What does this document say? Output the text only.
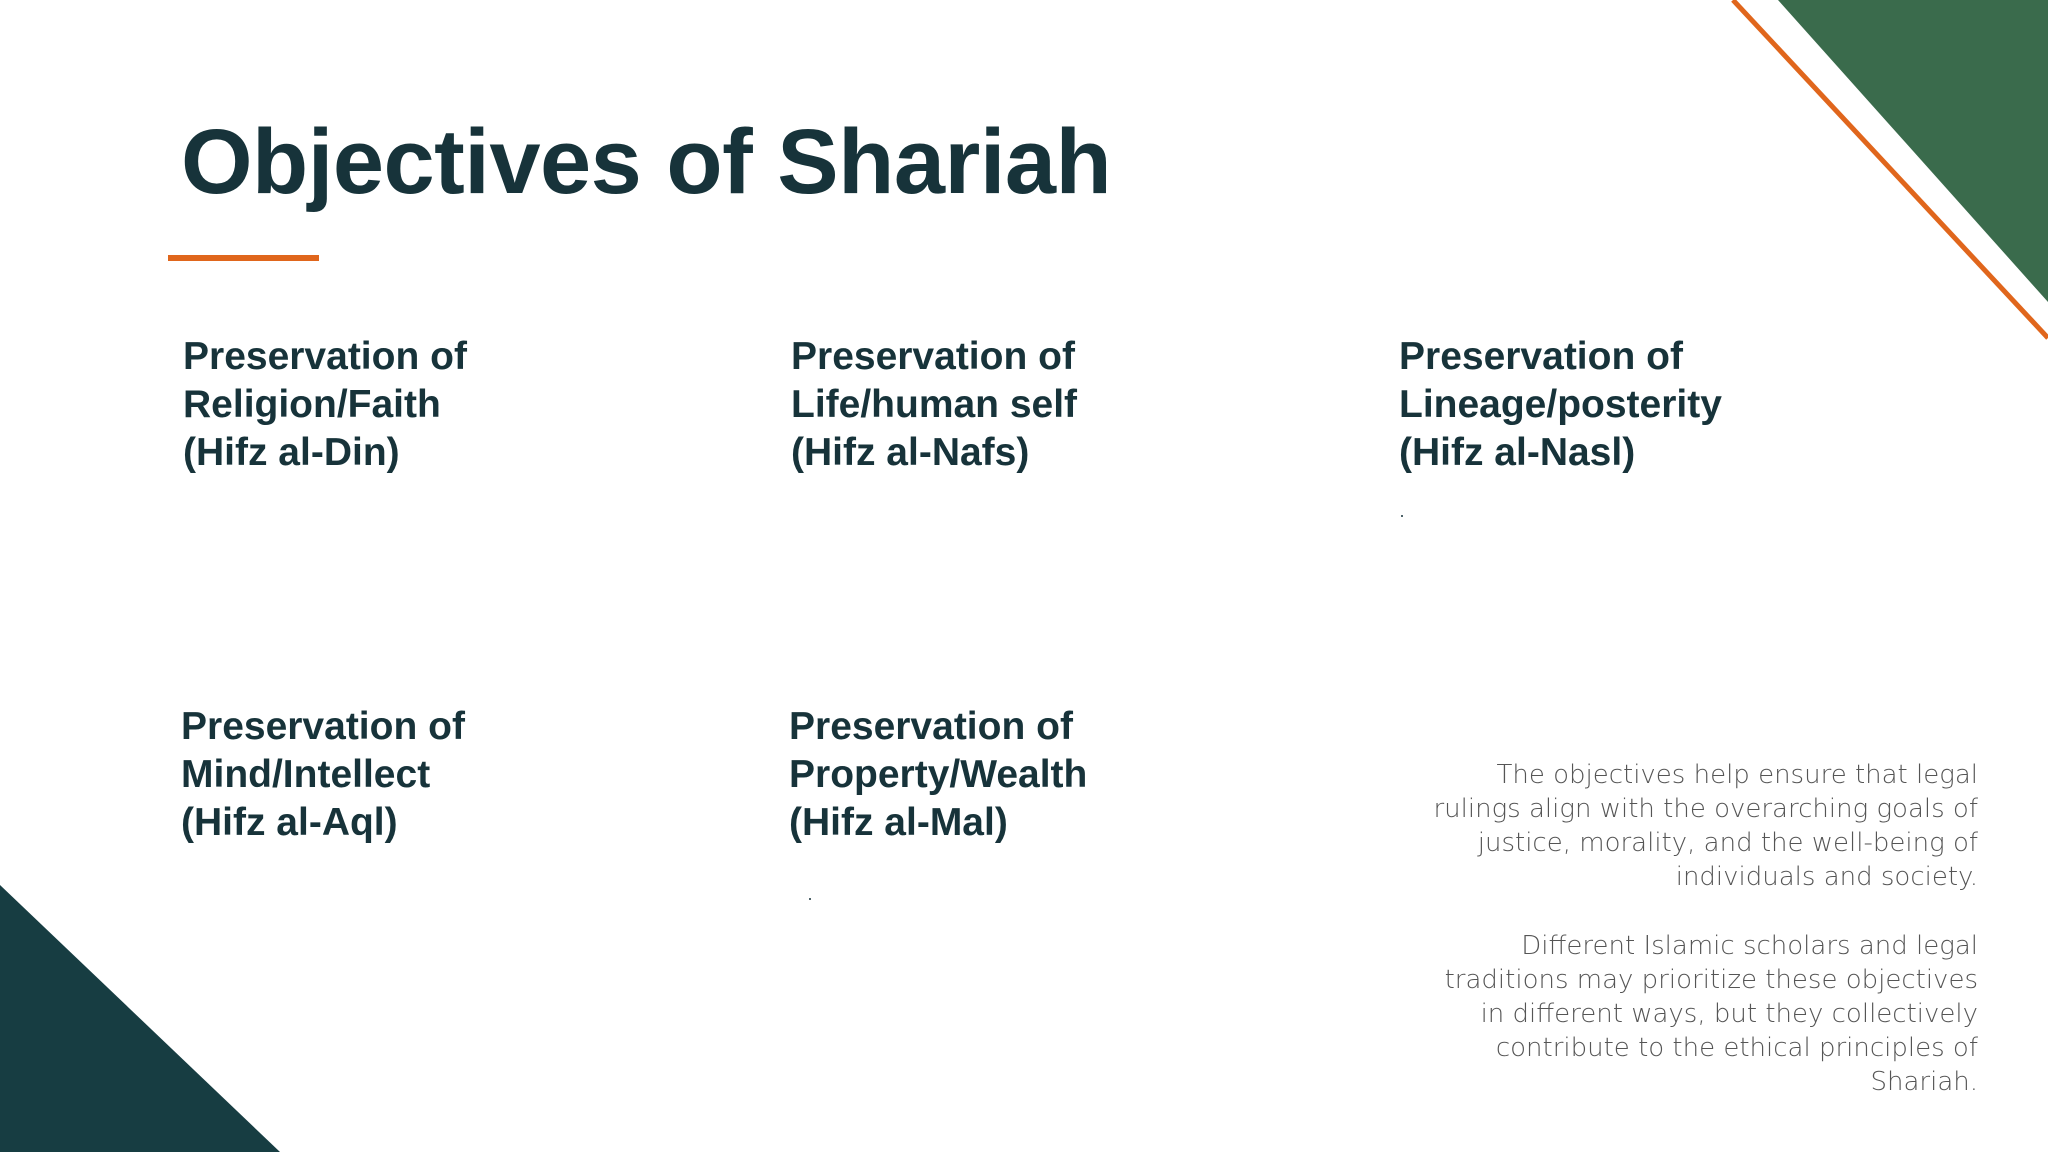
Objectives of Shariah
Preservation of
Religion/Faith
(Hifz al-Din)
Preservation of
Life/human self
(Hifz al-Nafs)
Preservation of
Lineage/posterity
(Hifz al-Nasl)
Preservation of
Mind/Intellect
(Hifz al-Aql)
Preservation of
Property/Wealth
(Hifz al-Mal)

The objectives help ensure that legal rulings align with the overarching goals of justice, morality, and the well-being of individuals and society.

Different Islamic scholars and legal traditions may prioritize these objectives in different ways, but they collectively contribute to the ethical principles of Shariah.
